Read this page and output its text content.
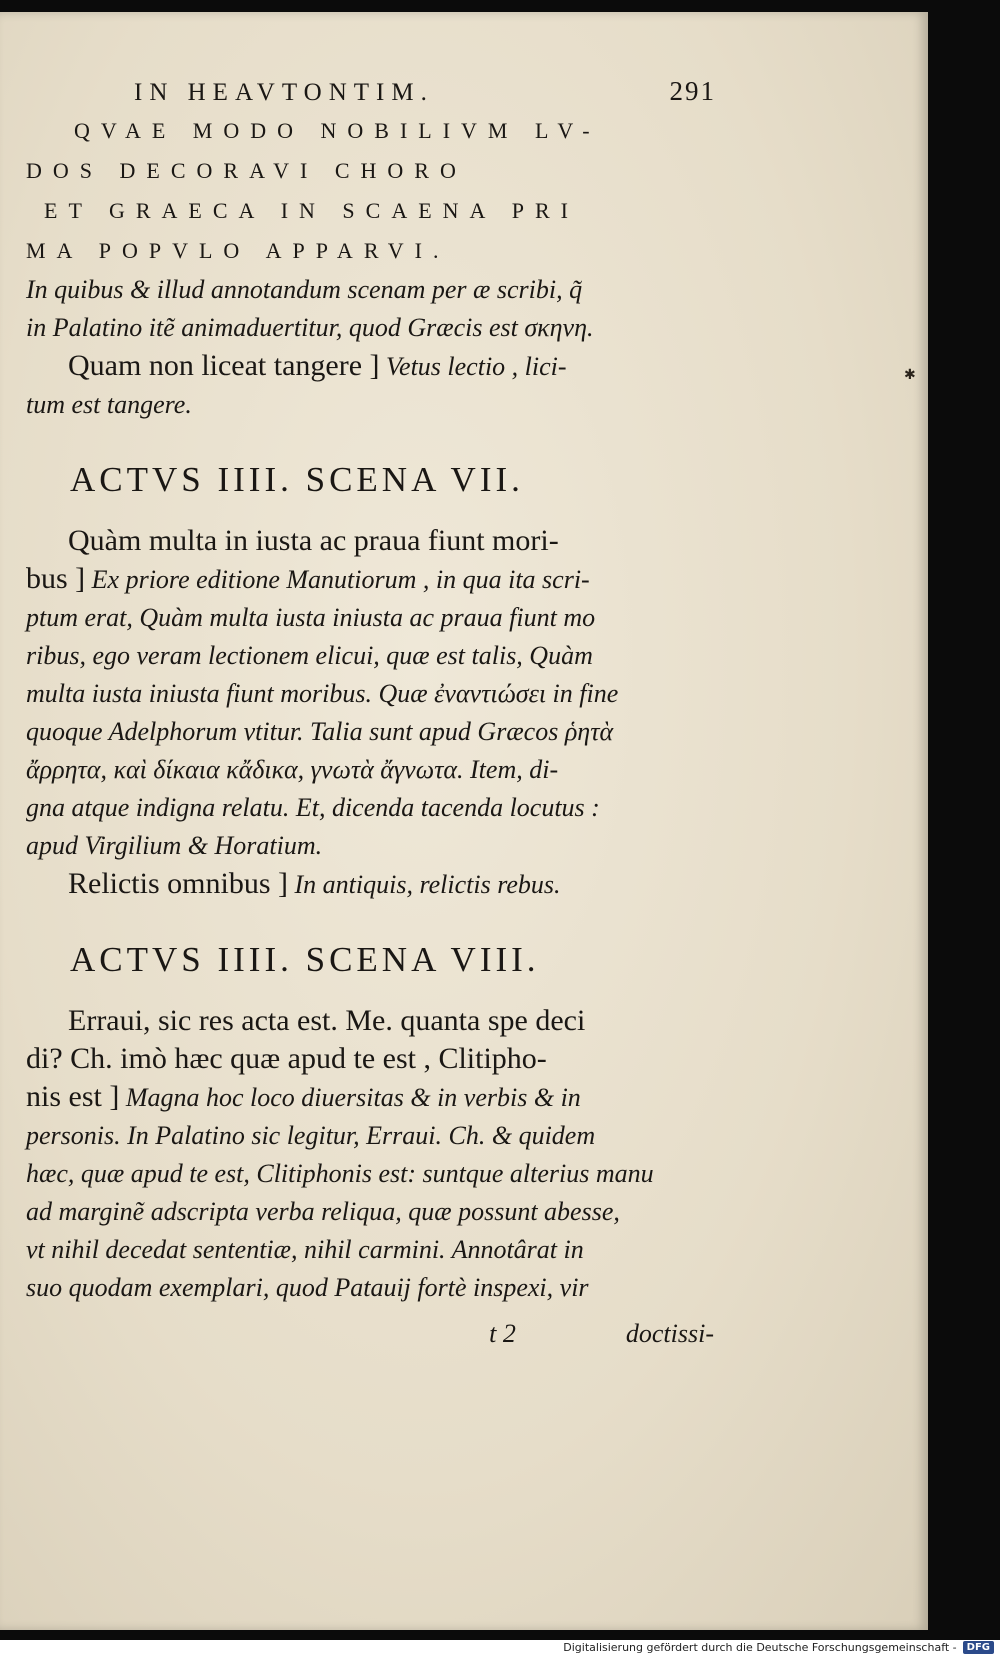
✱
IN HEAVTONTIM.	291
QVAE MODO NOBILIVM LV-
DOS DECORAVI CHORO
ET GRAECA IN SCAENA PRI
MA POPVLO APPARVI.
In quibus & illud annotandum scenam per æ scribi, q̃
in Palatino itẽ animaduertitur, quod Græcis est σκηνη.
Quam non liceat tangere ] Vetus lectio , lici-
tum est tangere.
ACTVS IIII. SCENA VII.
Quàm multa in iusta ac praua fiunt mori-
bus ] Ex priore editione Manutiorum , in qua ita scri-
ptum erat, Quàm multa iusta iniusta ac praua fiunt mo
ribus, ego veram lectionem elicui, quæ est talis, Quàm
multa iusta iniusta fiunt moribus. Quæ ἐναντιώσει in fine
quoque Adelphorum vtitur. Talia sunt apud Græcos ῥητὰ
ἄρρητα, καὶ δίκαια κἄδικα, γνωτὰ ἄγνωτα. Item, di-
gna atque indigna relatu. Et, dicenda tacenda locutus :
apud Virgilium & Horatium.
Relictis omnibus ] In antiquis, relictis rebus.
ACTVS IIII. SCENA VIII.
Erraui, sic res acta est. Me. quanta spe deci
di? Ch. imò hæc quæ apud te est , Clitipho-
nis est ] Magna hoc loco diuersitas & in verbis & in
personis. In Palatino sic legitur, Erraui. Ch. & quidem
hæc, quæ apud te est, Clitiphonis est: suntque alterius manu
ad marginẽ adscripta verba reliqua, quæ possunt abesse,
vt nihil decedat sententiæ, nihil carmini. Annotârat in
suo quodam exemplari, quod Patauij fortè inspexi, vir
t 2	doctissi-
Digitalisierung gefördert durch die Deutsche Forschungsgemeinschaft -	DFG
